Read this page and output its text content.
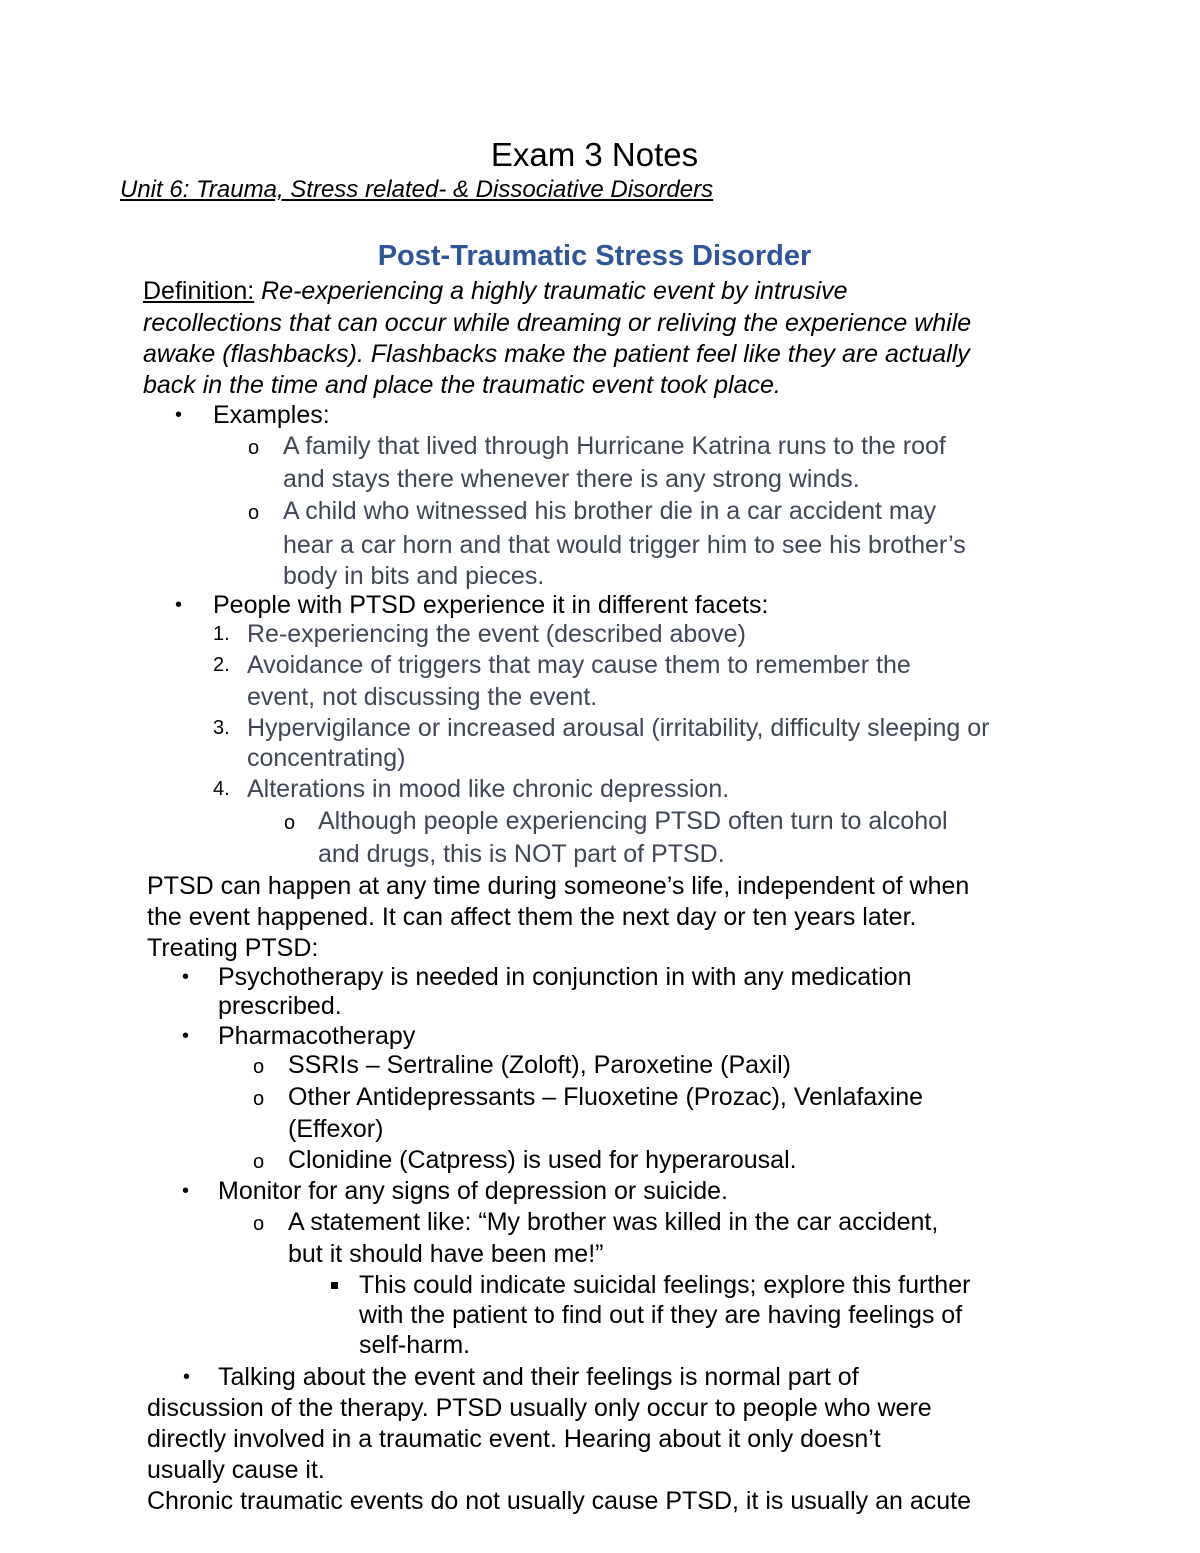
Exam 3 Notes
Unit 6: Trauma, Stress related- & Dissociative Disorders
Post-Traumatic Stress Disorder
Definition: Re-experiencing a highly traumatic event by intrusive
recollections that can occur while dreaming or reliving the experience while
awake (flashbacks). Flashbacks make the patient feel like they are actually
back in the time and place the traumatic event took place.
• Examples:
o A family that lived through Hurricane Katrina runs to the roof
and stays there whenever there is any strong winds.
o A child who witnessed his brother die in a car accident may
hear a car horn and that would trigger him to see his brother’s
body in bits and pieces.
• People with PTSD experience it in different facets:
1. Re-experiencing the event (described above)
2. Avoidance of triggers that may cause them to remember the
event, not discussing the event.
3. Hypervigilance or increased arousal (irritability, difficulty sleeping or
concentrating)
4. Alterations in mood like chronic depression.
o Although people experiencing PTSD often turn to alcohol
and drugs, this is NOT part of PTSD.
PTSD can happen at any time during someone’s life, independent of when
the event happened. It can affect them the next day or ten years later.
Treating PTSD:
• Psychotherapy is needed in conjunction in with any medication
prescribed.
• Pharmacotherapy
o SSRIs – Sertraline (Zoloft), Paroxetine (Paxil)
o Other Antidepressants – Fluoxetine (Prozac), Venlafaxine
(Effexor)
o Clonidine (Catpress) is used for hyperarousal.
• Monitor for any signs of depression or suicide.
o A statement like: “My brother was killed in the car accident,
but it should have been me!”
This could indicate suicidal feelings; explore this further
with the patient to find out if they are having feelings of
self-harm.
• Talking about the event and their feelings is normal part of
discussion of the therapy. PTSD usually only occur to people who were
directly involved in a traumatic event. Hearing about it only doesn’t
usually cause it.
Chronic traumatic events do not usually cause PTSD, it is usually an acute
